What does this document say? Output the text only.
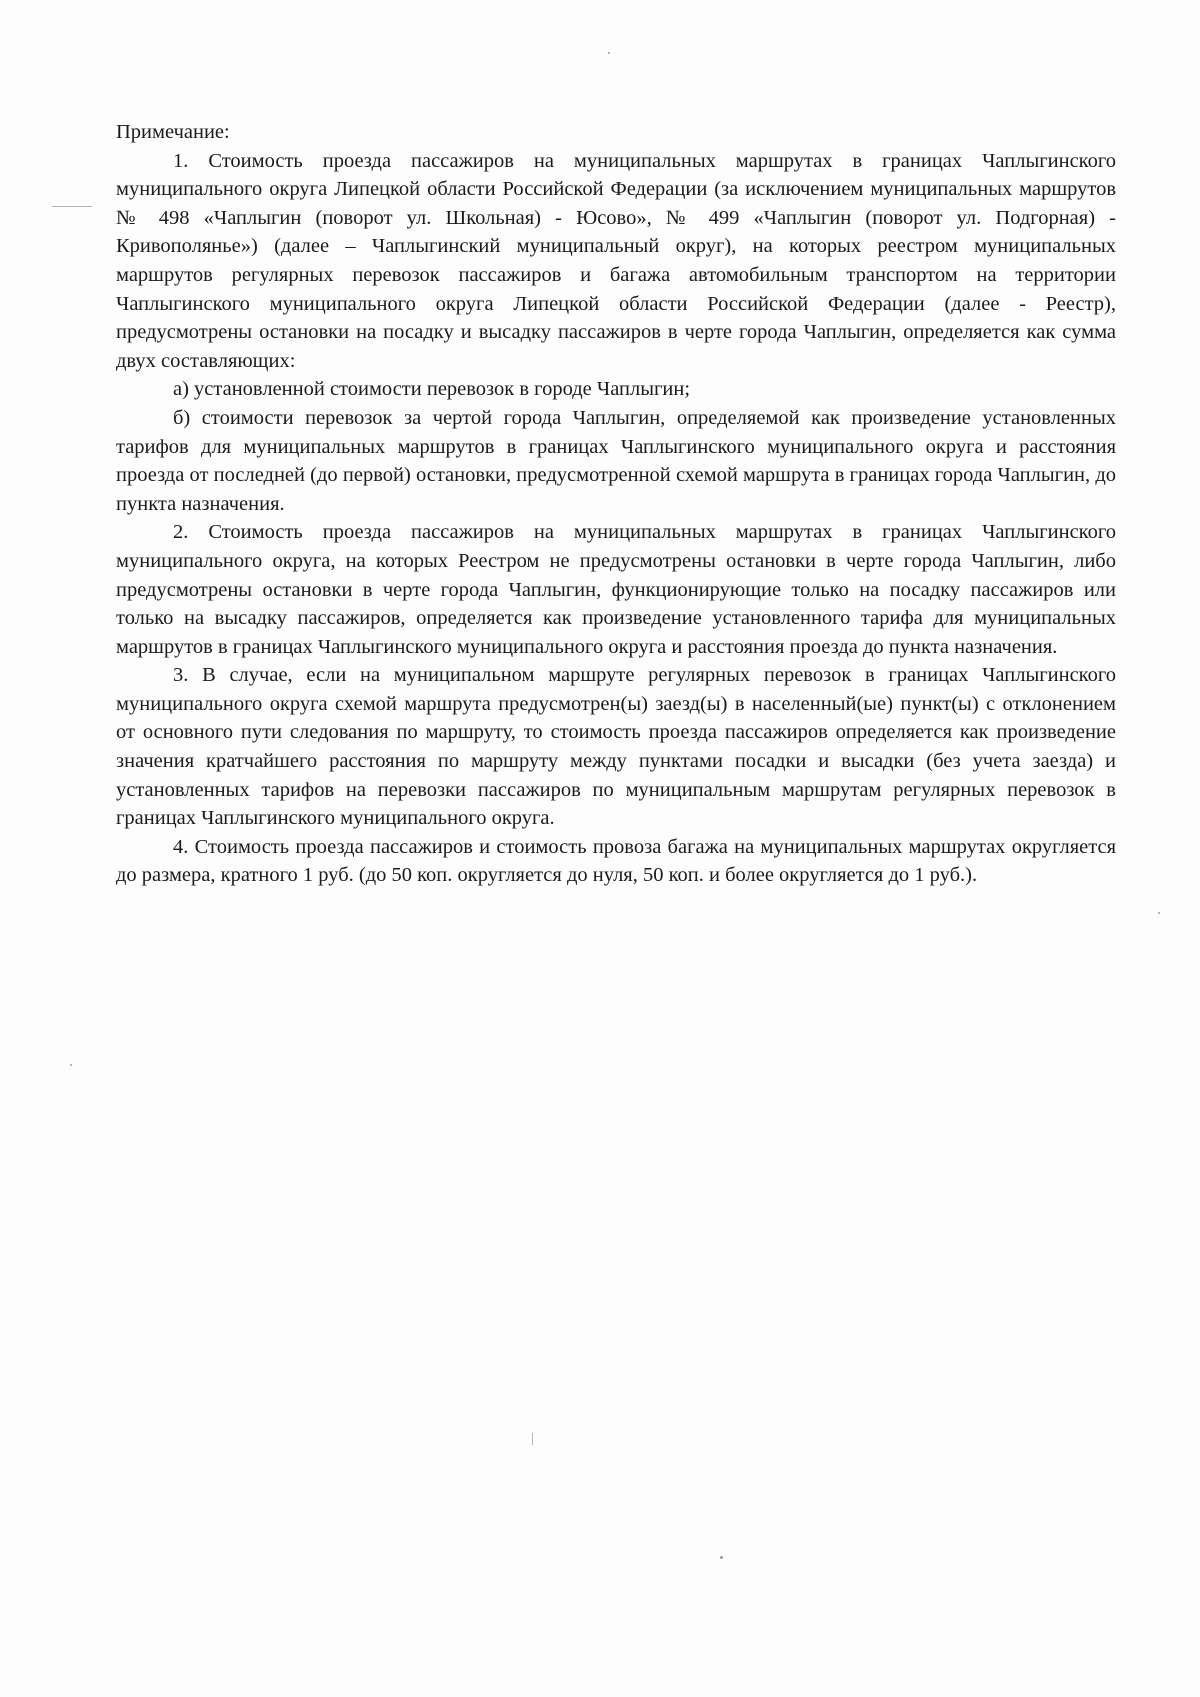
Примечание:

1. Стоимость проезда пассажиров на муниципальных маршрутах в границах Чаплыгинского муниципального округа Липецкой области Российской Федерации (за исключением муниципальных маршрутов № 498 «Чаплыгин (поворот ул. Школьная) - Юсово», № 499 «Чаплыгин (поворот ул. Подгорная) - Кривополянье») (далее – Чаплыгинский муниципальный округ), на которых реестром муниципальных маршрутов регулярных перевозок пассажиров и багажа автомобильным транспортом на территории Чаплыгинского муниципального округа Липецкой области Российской Федерации (далее - Реестр), предусмотрены остановки на посадку и высадку пассажиров в черте города Чаплыгин, определяется как сумма двух составляющих:

а) установленной стоимости перевозок в городе Чаплыгин;

б) стоимости перевозок за чертой города Чаплыгин, определяемой как произведение установленных тарифов для муниципальных маршрутов в границах Чаплыгинского муниципального округа и расстояния проезда от последней (до первой) остановки, предусмотренной схемой маршрута в границах города Чаплыгин, до пункта назначения.

2. Стоимость проезда пассажиров на муниципальных маршрутах в границах Чаплыгинского муниципального округа, на которых Реестром не предусмотрены остановки в черте города Чаплыгин, либо предусмотрены остановки в черте города Чаплыгин, функционирующие только на посадку пассажиров или только на высадку пассажиров, определяется как произведение установленного тарифа для муниципальных маршрутов в границах Чаплыгинского муниципального округа и расстояния проезда до пункта назначения.

3. В случае, если на муниципальном маршруте регулярных перевозок в границах Чаплыгинского муниципального округа схемой маршрута предусмотрен(ы) заезд(ы) в населенный(ые) пункт(ы) с отклонением от основного пути следования по маршруту, то стоимость проезда пассажиров определяется как произведение значения кратчайшего расстояния по маршруту между пунктами посадки и высадки (без учета заезда) и установленных тарифов на перевозки пассажиров по муниципальным маршрутам регулярных перевозок в границах Чаплыгинского муниципального округа.

4. Стоимость проезда пассажиров и стоимость провоза багажа на муниципальных маршрутах округляется до размера, кратного 1 руб. (до 50 коп. округляется до нуля, 50 коп. и более округляется до 1 руб.).
